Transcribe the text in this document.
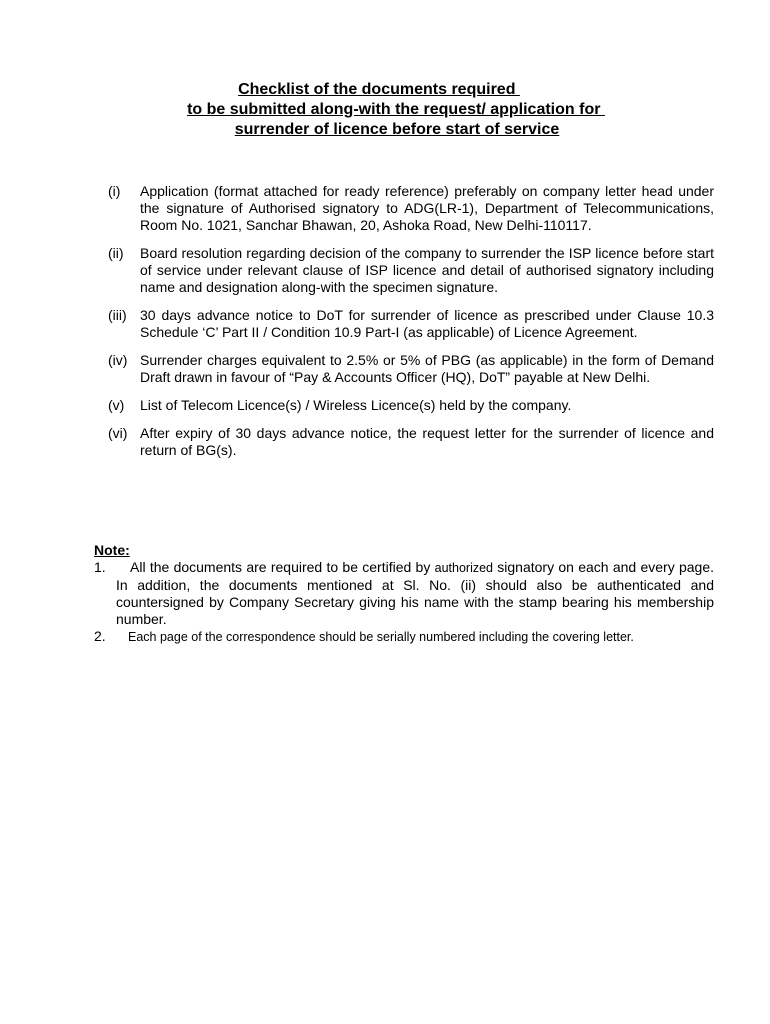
Checklist of the documents required
to be submitted along-with the request/ application for
surrender of licence before start of service
(i)	Application (format attached for ready reference) preferably on company letter head under the signature of Authorised signatory to ADG(LR-1), Department of Telecommunications, Room No. 1021, Sanchar Bhawan, 20, Ashoka Road, New Delhi-110117.
(ii)	Board resolution regarding decision of the company to surrender the ISP licence before start of service under relevant clause of ISP licence and detail of authorised signatory including name and designation along-with the specimen signature.
(iii) 30 days advance notice to DoT for surrender of licence as prescribed under Clause 10.3 Schedule ‘C’ Part II / Condition 10.9 Part-I (as applicable) of Licence Agreement.
(iv) Surrender charges equivalent to 2.5% or 5% of PBG (as applicable) in the form of Demand Draft drawn in favour of “Pay & Accounts Officer (HQ), DoT” payable at New Delhi.
(v)	List of Telecom Licence(s) / Wireless Licence(s) held by the company.
(vi) After expiry of 30 days advance notice, the request letter for the surrender of licence and return of BG(s).
Note:
1. All the documents are required to be certified by authorized signatory on each and every page. In addition, the documents mentioned at Sl. No. (ii) should also be authenticated and countersigned by Company Secretary giving his name with the stamp bearing his membership number.
2. Each page of the correspondence should be serially numbered including the covering letter.
